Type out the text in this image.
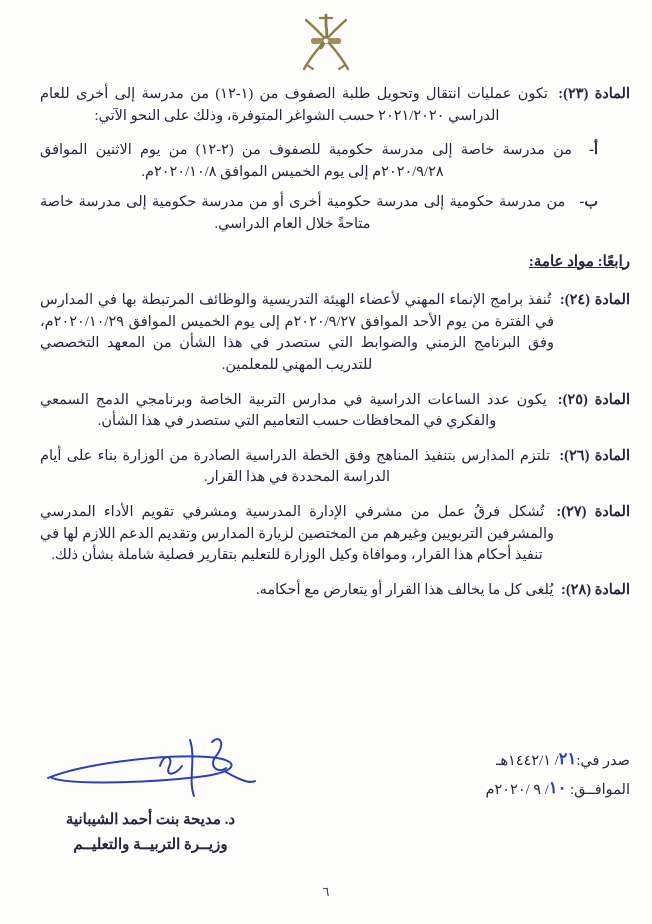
المادة (٢٣): تكون عمليات انتقال وتحويل طلبة الصفوف من (١-١٢) من مدرسة إلى أخرى للعام الدراسي ٢٠٢١/٢٠٢٠ حسب الشواغر المتوفرة، وذلك على النحو الآتي:

أ- من مدرسة خاصة إلى مدرسة حكومية للصفوف من (٢-١٢) من يوم الاثنين الموافق ٢٠٢٠/٩/٢٨م إلى يوم الخميس الموافق ٢٠٢٠/١٠/٨م.

ب- من مدرسة حكومية إلى مدرسة حكومية أخرى أو من مدرسة حكومية إلى مدرسة خاصة متاحةً خلال العام الدراسي.

رابعًا: مواد عامة:

المادة (٢٤): تُنفذ برامج الإنماء المهني لأعضاء الهيئة التدريسية والوظائف المرتبطة بها في المدارس في الفترة من يوم الأحد الموافق ٢٠٢٠/٩/٢٧م إلى يوم الخميس الموافق ٢٠٢٠/١٠/٢٩م، وفق البرنامج الزمني والضوابط التي ستصدر في هذا الشأن من المعهد التخصصي للتدريب المهني للمعلمين.

المادة (٢٥): يكون عدد الساعات الدراسية في مدارس التربية الخاصة وبرنامجي الدمج السمعي والفكري في المحافظات حسب التعاميم التي ستصدر في هذا الشأن.

المادة (٢٦): تلتزم المدارس بتنفيذ المناهج وفق الخطة الدراسية الصادرة من الوزارة بناء على أيام الدراسة المحددة في هذا القرار.

المادة (٢٧): تُشكل فرقُ عمل من مشرفي الإدارة المدرسية ومشرفي تقويم الأداء المدرسي والمشرفين التربويين وغيرهم من المختصين لزيارة المدارس وتقديم الدعم اللازم لها في تنفيذ أحكام هذا القرار، وموافاة وكيل الوزارة للتعليم بتقارير فصلية شاملة بشأن ذلك.

المادة (٢٨): يُلغى كل ما يخالف هذا القرار أو يتعارض مع أحكامه.

صدر في:٢١/ ١٤٤٢/١هـ
الموافــق: ١٠/ ٩ /٢٠٢٠م
د. مديحة بنت أحمد الشيبانية
وزيــرة التربيــة والتعليــم
٦
